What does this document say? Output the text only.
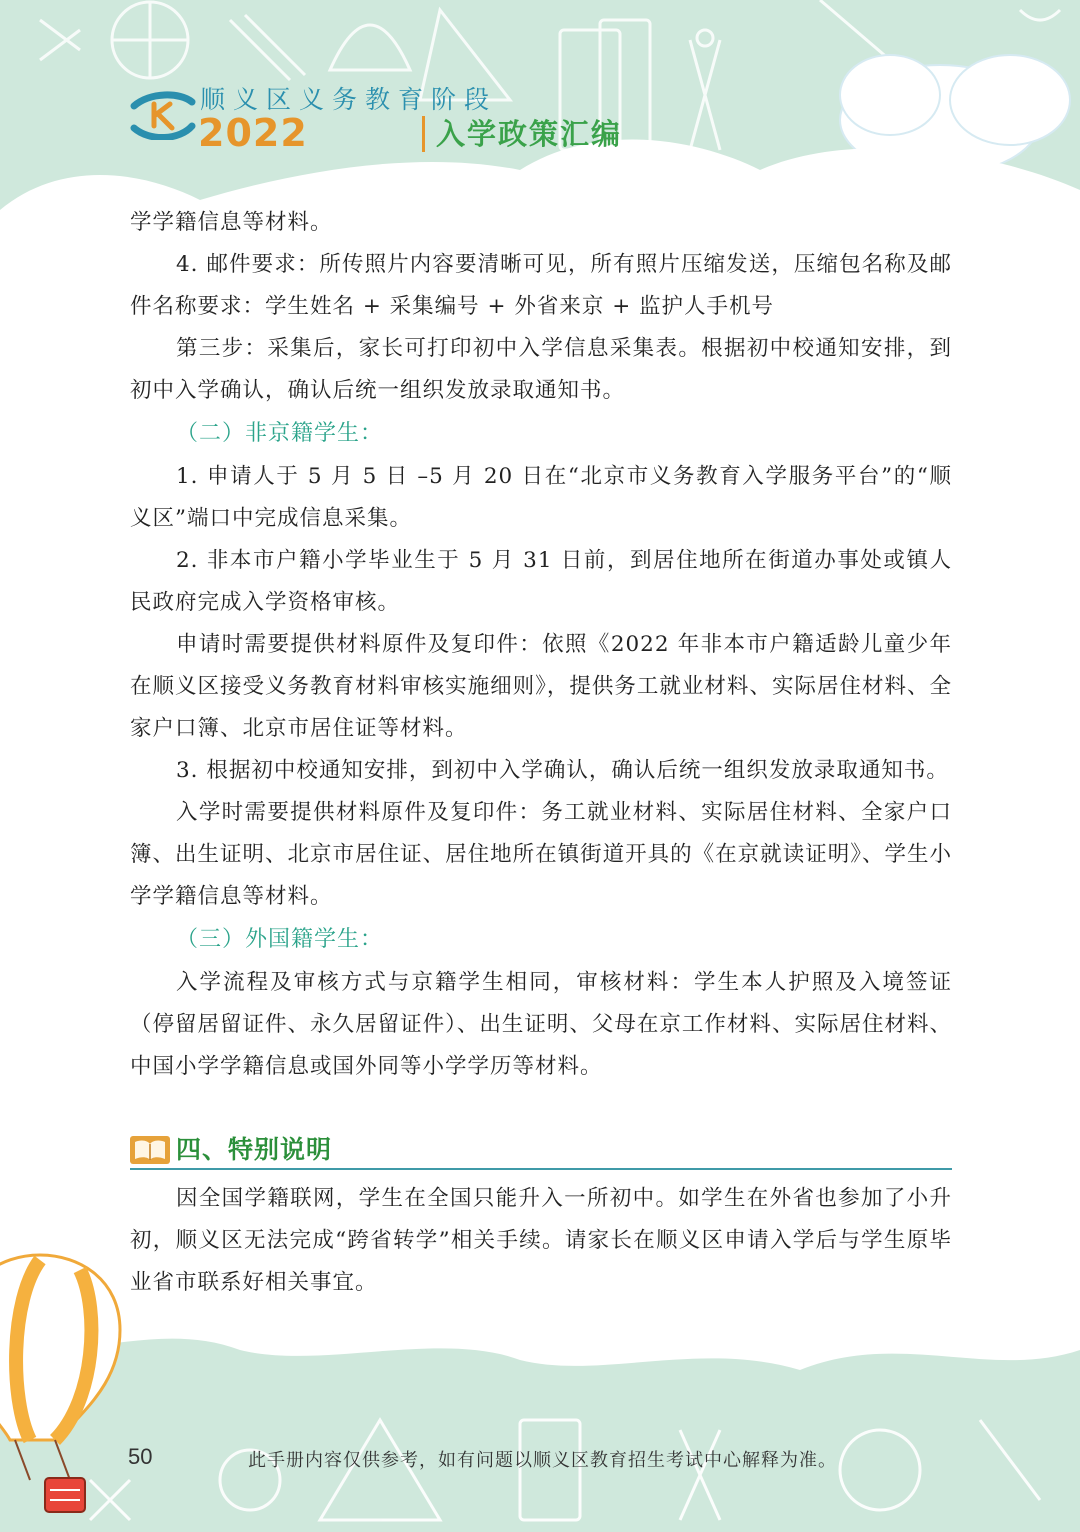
顺义区义务教育阶段
2022	入学政策汇编

学学籍信息等材料。

4. 邮件要求：所传照片内容要清晰可见，所有照片压缩发送，压缩包名称及邮件名称要求：学生姓名 + 采集编号 + 外省来京 + 监护人手机号

第三步：采集后，家长可打印初中入学信息采集表。根据初中校通知安排，到初中入学确认，确认后统一组织发放录取通知书。

（二）非京籍学生：

1. 申请人于 5 月 5 日 –5 月 20 日在“北京市义务教育入学服务平台”的“顺义区”端口中完成信息采集。

2. 非本市户籍小学毕业生于 5 月 31 日前，到居住地所在街道办事处或镇人民政府完成入学资格审核。

申请时需要提供材料原件及复印件：依照《2022 年非本市户籍适龄儿童少年在顺义区接受义务教育材料审核实施细则》，提供务工就业材料、实际居住材料、全家户口簿、北京市居住证等材料。

3. 根据初中校通知安排，到初中入学确认，确认后统一组织发放录取通知书。

入学时需要提供材料原件及复印件：务工就业材料、实际居住材料、全家户口簿、出生证明、北京市居住证、居住地所在镇街道开具的《在京就读证明》、学生小学学籍信息等材料。

（三）外国籍学生：

入学流程及审核方式与京籍学生相同，审核材料：学生本人护照及入境签证（停留居留证件、永久居留证件）、出生证明、父母在京工作材料、实际居住材料、中国小学学籍信息或国外同等小学学历等材料。

四、特别说明

因全国学籍联网，学生在全国只能升入一所初中。如学生在外省也参加了小升初，顺义区无法完成“跨省转学”相关手续。请家长在顺义区申请入学后与学生原毕业省市联系好相关事宜。

50	此手册内容仅供参考，如有问题以顺义区教育招生考试中心解释为准。
